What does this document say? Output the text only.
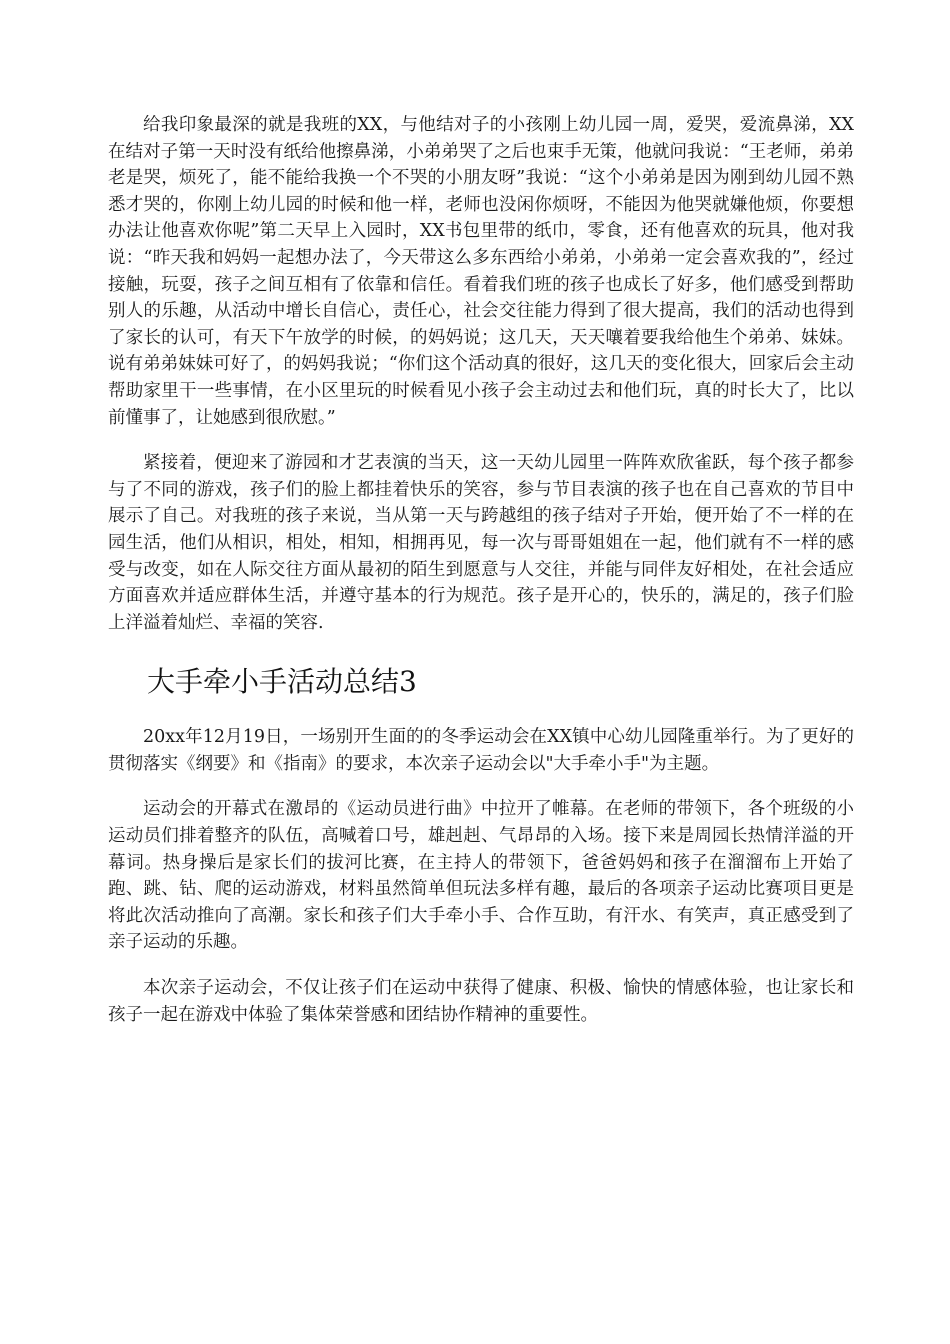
给我印象最深的就是我班的XX，与他结对子的小孩刚上幼儿园一周，爱哭，爱流鼻涕，XX在结对子第一天时没有纸给他擦鼻涕，小弟弟哭了之后也束手无策，他就问我说：“王老师，弟弟老是哭，烦死了，能不能给我换一个不哭的小朋友呀”我说：“这个小弟弟是因为刚到幼儿园不熟悉才哭的，你刚上幼儿园的时候和他一样，老师也没闲你烦呀，不能因为他哭就嫌他烦，你要想办法让他喜欢你呢”第二天早上入园时，XX书包里带的纸巾，零食，还有他喜欢的玩具，他对我说：“昨天我和妈妈一起想办法了，今天带这么多东西给小弟弟，小弟弟一定会喜欢我的”，经过接触，玩耍，孩子之间互相有了依靠和信任。看着我们班的孩子也成长了好多，他们感受到帮助别人的乐趣，从活动中增长自信心，责任心，社会交往能力得到了很大提高，我们的活动也得到了家长的认可，有天下午放学的时候，的妈妈说；这几天，天天嚷着要我给他生个弟弟、妹妹。说有弟弟妹妹可好了，的妈妈我说；“你们这个活动真的很好，这几天的变化很大，回家后会主动帮助家里干一些事情，在小区里玩的时候看见小孩子会主动过去和他们玩，真的时长大了，比以前懂事了，让她感到很欣慰。”

紧接着，便迎来了游园和才艺表演的当天，这一天幼儿园里一阵阵欢欣雀跃，每个孩子都参与了不同的游戏，孩子们的脸上都挂着快乐的笑容，参与节目表演的孩子也在自己喜欢的节目中展示了自己。对我班的孩子来说，当从第一天与跨越组的孩子结对子开始，便开始了不一样的在园生活，他们从相识，相处，相知，相拥再见，每一次与哥哥姐姐在一起，他们就有不一样的感受与改变，如在人际交往方面从最初的陌生到愿意与人交往，并能与同伴友好相处，在社会适应方面喜欢并适应群体生活，并遵守基本的行为规范。孩子是开心的，快乐的，满足的，孩子们脸上洋溢着灿烂、幸福的笑容.

大手牵小手活动总结3

20xx年12月19日，一场别开生面的的冬季运动会在XX镇中心幼儿园隆重举行。为了更好的贯彻落实《纲要》和《指南》的要求，本次亲子运动会以"大手牵小手"为主题。

运动会的开幕式在激昂的《运动员进行曲》中拉开了帷幕。在老师的带领下，各个班级的小运动员们排着整齐的队伍，高喊着口号，雄赳赳、气昂昂的入场。接下来是周园长热情洋溢的开幕词。热身操后是家长们的拔河比赛，在主持人的带领下，爸爸妈妈和孩子在溜溜布上开始了跑、跳、钻、爬的运动游戏，材料虽然简单但玩法多样有趣，最后的各项亲子运动比赛项目更是将此次活动推向了高潮。家长和孩子们大手牵小手、合作互助，有汗水、有笑声，真正感受到了亲子运动的乐趣。

本次亲子运动会，不仅让孩子们在运动中获得了健康、积极、愉快的情感体验，也让家长和孩子一起在游戏中体验了集体荣誉感和团结协作精神的重要性。
